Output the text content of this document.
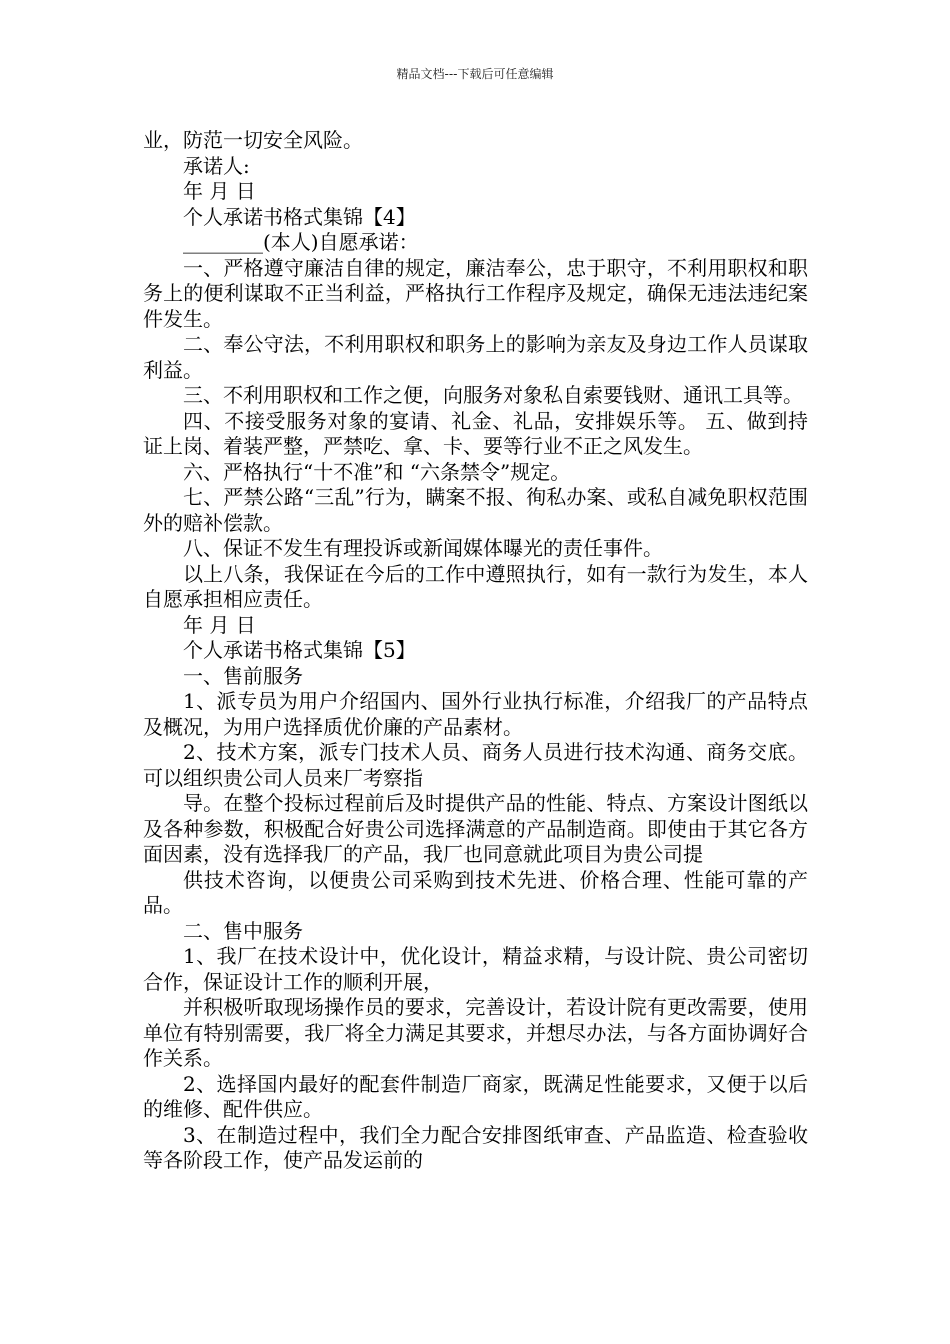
精品文档---下载后可任意编辑

业，防范一切安全风险。

承诺人:

年 月 日

个人承诺书格式集锦【4】

________(本人)自愿承诺：

一、严格遵守廉洁自律的规定，廉洁奉公，忠于职守，不利用职权和职务上的便利谋取不正当利益，严格执行工作程序及规定，确保无违法违纪案件发生。

二、奉公守法，不利用职权和职务上的影响为亲友及身边工作人员谋取利益。

三、不利用职权和工作之便，向服务对象私自索要钱财、通讯工具等。

四、不接受服务对象的宴请、礼金、礼品，安排娱乐等。 五、做到持证上岗、着装严整，严禁吃、拿、卡、要等行业不正之风发生。

六、严格执行“十不准”和 “六条禁令”规定。

七、严禁公路“三乱”行为，瞒案不报、徇私办案、或私自减免职权范围外的赔补偿款。

八、保证不发生有理投诉或新闻媒体曝光的责任事件。

以上八条，我保证在今后的工作中遵照执行，如有一款行为发生，本人自愿承担相应责任。

年 月 日

个人承诺书格式集锦【5】

一、售前服务

1、派专员为用户介绍国内、国外行业执行标准，介绍我厂的产品特点及概况，为用户选择质优价廉的产品素材。

2、技术方案，派专门技术人员、商务人员进行技术沟通、商务交底。可以组织贵公司人员来厂考察指

导。在整个投标过程前后及时提供产品的性能、特点、方案设计图纸以及各种参数，积极配合好贵公司选择满意的产品制造商。即使由于其它各方面因素，没有选择我厂的产品，我厂也同意就此项目为贵公司提

供技术咨询，以便贵公司采购到技术先进、价格合理、性能可靠的产品。

二、售中服务

1、我厂在技术设计中，优化设计，精益求精，与设计院、贵公司密切合作，保证设计工作的顺利开展，

并积极听取现场操作员的要求，完善设计，若设计院有更改需要，使用单位有特别需要，我厂将全力满足其要求，并想尽办法，与各方面协调好合作关系。

2、选择国内最好的配套件制造厂商家，既满足性能要求，又便于以后的维修、配件供应。

3、在制造过程中，我们全力配合安排图纸审查、产品监造、检查验收等各阶段工作，使产品发运前的
